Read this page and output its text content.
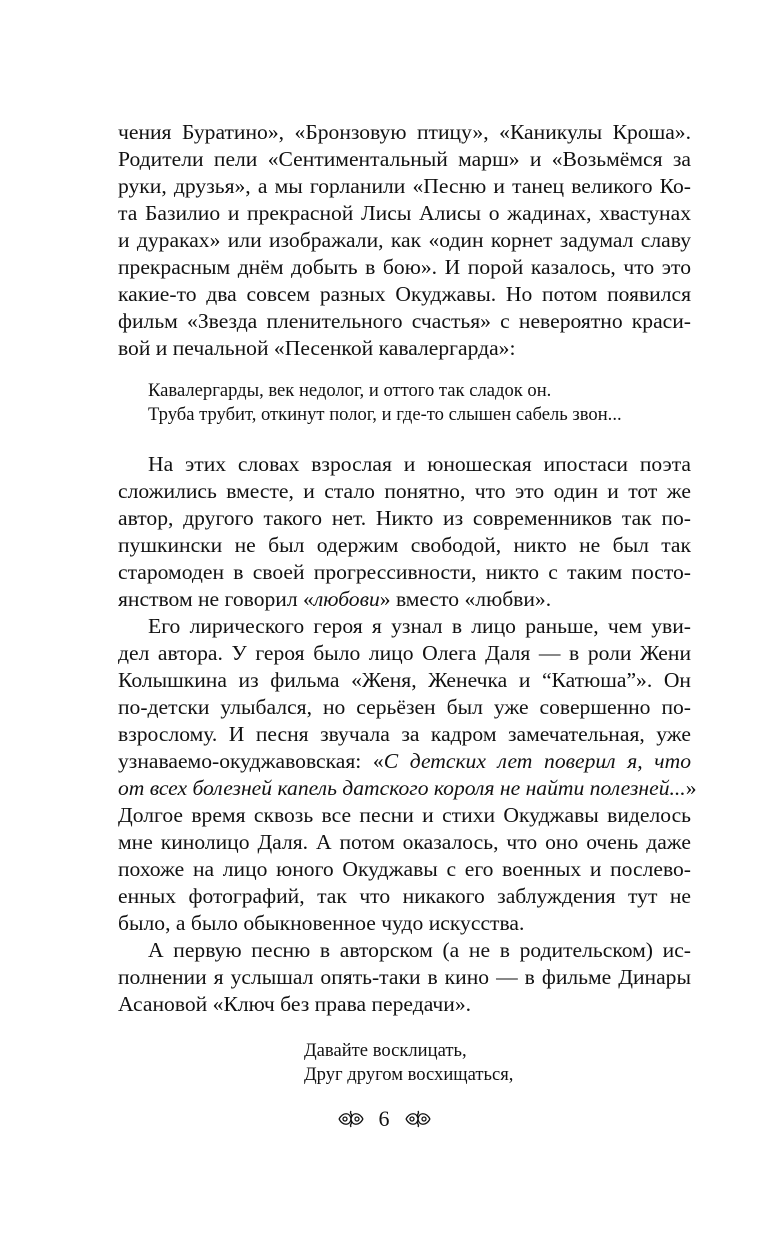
чения Буратино», «Бронзовую птицу», «Каникулы Кроша».
Родители пели «Сентиментальный марш» и «Возьмёмся за
руки, друзья», а мы горланили «Песню и танец великого Ко-
та Базилио и прекрасной Лисы Алисы о жадинах, хвастунах
и дураках» или изображали, как «один корнет задумал славу
прекрасным днём добыть в бою». И порой казалось, что это
какие-то два совсем разных Окуджавы. Но потом появился
фильм «Звезда пленительного счастья» с невероятно краси-
вой и печальной «Песенкой кавалергарда»:
Кавалергарды, век недолог, и оттого так сладок он.
Труба трубит, откинут полог, и где-то слышен сабель звон...
На этих словах взрослая и юношеская ипостаси поэта
сложились вместе, и стало понятно, что это один и тот же
автор, другого такого нет. Никто из современников так по-
пушкински не был одержим свободой, никто не был так
старомоден в своей прогрессивности, никто с таким посто-
янством не говорил «любови» вместо «любви».
Его лирического героя я узнал в лицо раньше, чем уви-
дел автора. У героя было лицо Олега Даля — в роли Жени
Колышкина из фильма «Женя, Женечка и “Катюша”». Он
по-детски улыбался, но серьёзен был уже совершенно по-
взрослому. И песня звучала за кадром замечательная, уже
узнаваемо-окуджавовская: «С детских лет поверил я, что
от всех болезней капель датского короля не найти полезней...»
Долгое время сквозь все песни и стихи Окуджавы виделось
мне кинолицо Даля. А потом оказалось, что оно очень даже
похоже на лицо юного Окуджавы с его военных и послево-
енных фотографий, так что никакого заблуждения тут не
было, а было обыкновенное чудо искусства.
А первую песню в авторском (а не в родительском) ис-
полнении я услышал опять-таки в кино — в фильме Динары
Асановой «Ключ без права передачи».
Давайте восклицать,
Друг другом восхищаться,
6
